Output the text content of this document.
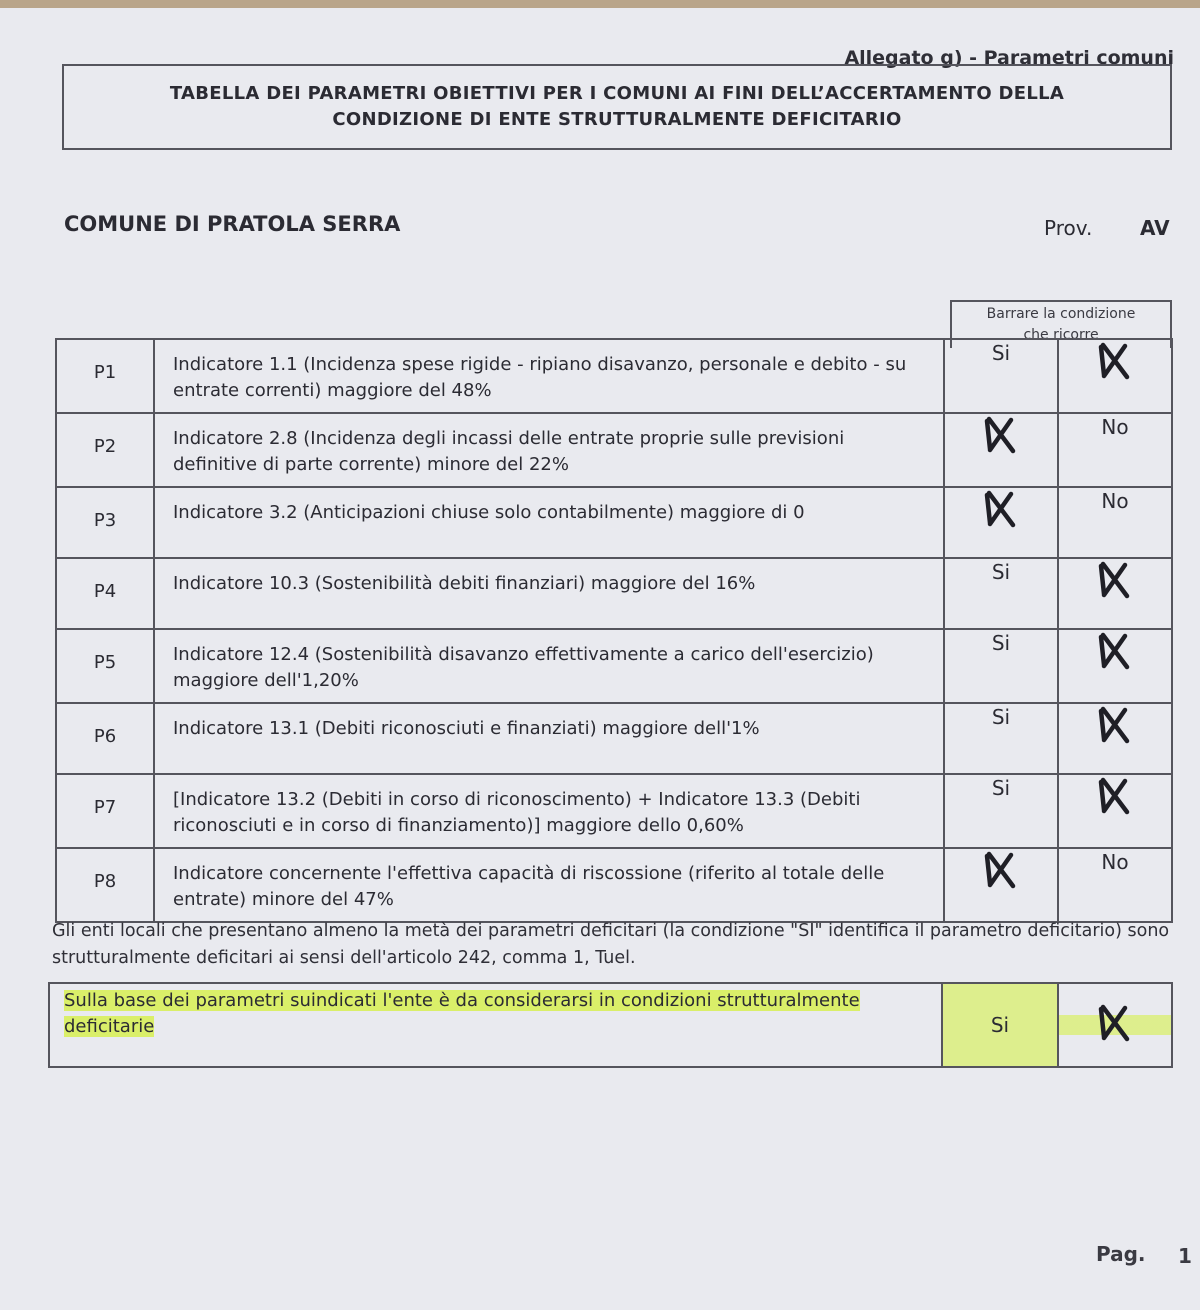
Allegato g) - Parametri comuni
TABELLA DEI PARAMETRI OBIETTIVI PER I COMUNI AI FINI DELL’ACCERTAMENTO DELLA
CONDIZIONE DI ENTE STRUTTURALMENTE DEFICITARIO
COMUNE DI PRATOLA SERRA	Prov. AV
Barrare la condizione
che ricorre
P1	Indicatore 1.1 (Incidenza spese rigide - ripiano disavanzo, personale e debito - su entrate correnti) maggiore del 48%	Si	
P2	Indicatore 2.8 (Incidenza degli incassi delle entrate proprie sulle previsioni definitive di parte corrente) minore del 22%		No
P3	Indicatore 3.2 (Anticipazioni chiuse solo contabilmente) maggiore di 0		No
P4	Indicatore 10.3 (Sostenibilità debiti finanziari) maggiore del 16%	Si	
P5	Indicatore 12.4 (Sostenibilità disavanzo effettivamente a carico dell'esercizio) maggiore dell'1,20%	Si	
P6	Indicatore 13.1 (Debiti riconosciuti e finanziati) maggiore dell'1%	Si	
P7	[Indicatore 13.2 (Debiti in corso di riconoscimento) + Indicatore 13.3 (Debiti riconosciuti e in corso di finanziamento)] maggiore dello 0,60%	Si	
P8	Indicatore concernente l'effettiva capacità di riscossione (riferito al totale delle entrate) minore del 47%		No
Gli enti locali che presentano almeno la metà dei parametri deficitari (la condizione "SI" identifica il parametro deficitario) sono strutturalmente deficitari ai sensi dell'articolo 242, comma 1, Tuel.
Sulla base dei parametri suindicati l'ente è da considerarsi in condizioni strutturalmente
deficitarie	Si	
Pag. 1
